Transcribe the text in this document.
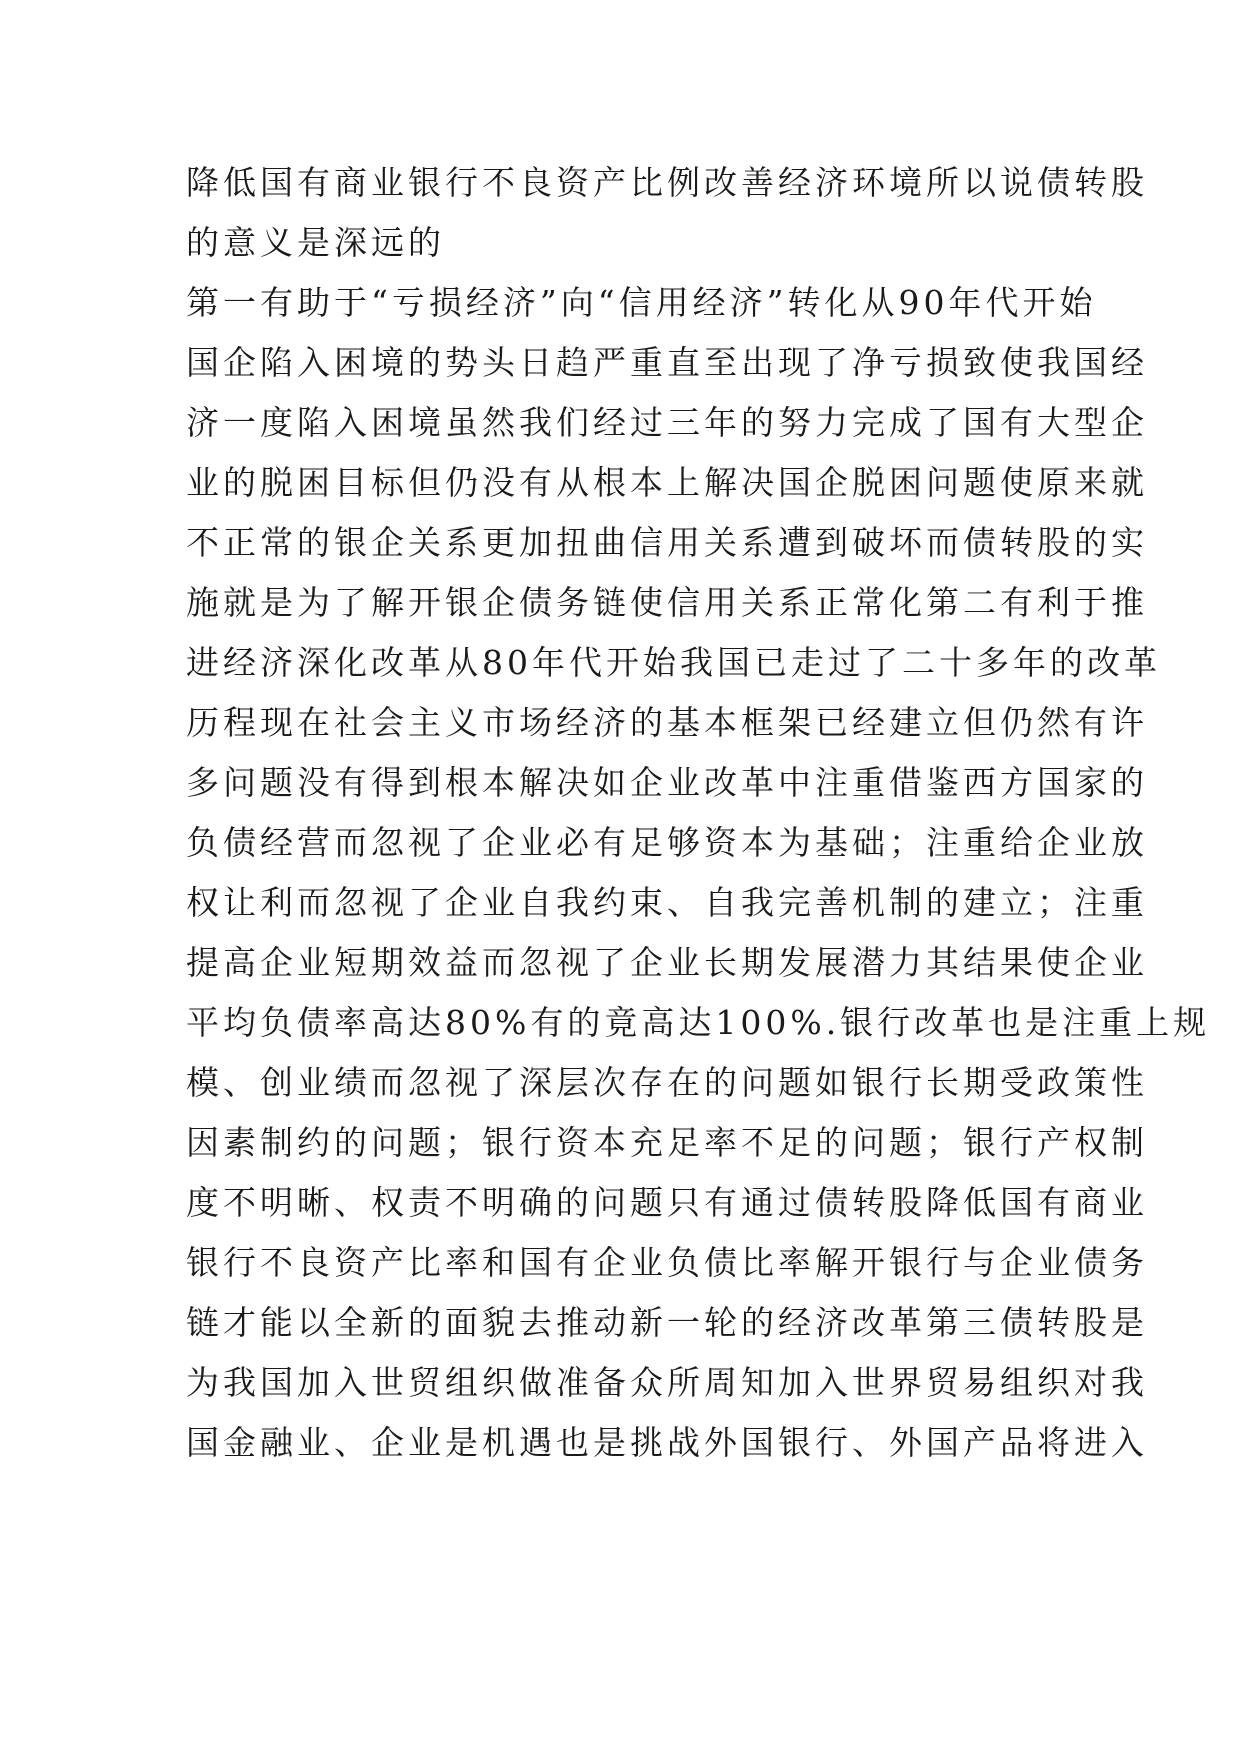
降低国有商业银行不良资产比例改善经济环境所以说债转股
的意义是深远的
第一有助于“亏损经济”向“信用经济”转化从90年代开始
国企陷入困境的势头日趋严重直至出现了净亏损致使我国经
济一度陷入困境虽然我们经过三年的努力完成了国有大型企
业的脱困目标但仍没有从根本上解决国企脱困问题使原来就
不正常的银企关系更加扭曲信用关系遭到破坏而债转股的实
施就是为了解开银企债务链使信用关系正常化第二有利于推
进经济深化改革从80年代开始我国已走过了二十多年的改革
历程现在社会主义市场经济的基本框架已经建立但仍然有许
多问题没有得到根本解决如企业改革中注重借鉴西方国家的
负债经营而忽视了企业必有足够资本为基础；注重给企业放
权让利而忽视了企业自我约束、自我完善机制的建立；注重
提高企业短期效益而忽视了企业长期发展潜力其结果使企业
平均负债率高达80%有的竟高达100%.银行改革也是注重上规
模、创业绩而忽视了深层次存在的问题如银行长期受政策性
因素制约的问题；银行资本充足率不足的问题；银行产权制
度不明晰、权责不明确的问题只有通过债转股降低国有商业
银行不良资产比率和国有企业负债比率解开银行与企业债务
链才能以全新的面貌去推动新一轮的经济改革第三债转股是
为我国加入世贸组织做准备众所周知加入世界贸易组织对我
国金融业、企业是机遇也是挑战外国银行、外国产品将进入
